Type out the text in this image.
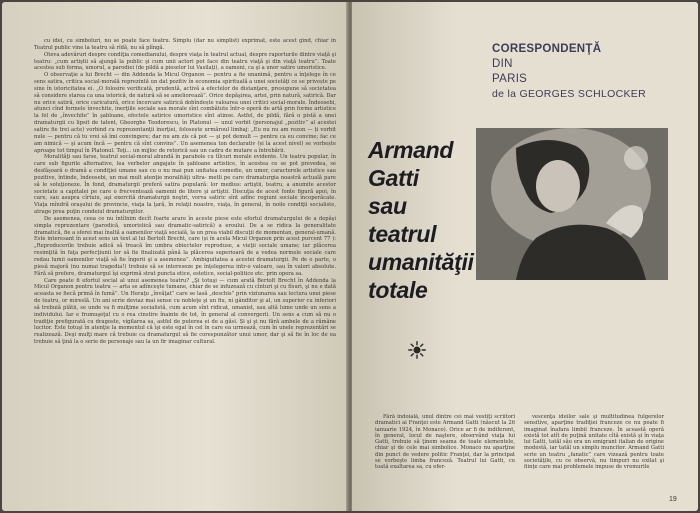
cu idei, cu simboluri, nu se poate face teatru. Simplu (dar nu simplist) exprimat, este acest gînd, chiar în Teatrul public vine la teatru să rîdă, nu să plîngă.

Oteva adevăruri despre condiţia comedianului, despre viaţa în teatrul actual, despre raporturile dintre viaţă şi teatru: „cum artiştii să ajungă la public şi cum unii actori pot face din teatru viaţă şi din viaţă teatru”. Toate acestea sub forma, umorul, a parodiei (de pildă a pieselor lui Vasilaţi), a oameni, ca şi a unor satire umoristice.

O observaţie a lui Brecht — din Addenda la Micul Organon — pentru a fie unanimă, pentru a înţelege în ce sens satira, critica social-morală reprezintă un dat pozitiv în economia spirituală a unei societăţi ce se privește pe sine în istoricitatea ei. „O folosire verificată, prudentă, activă a efectelor de distanţare, presupune să societatea să considere starea ca una istorică, de natură să se ameliorează”. Orice depăşirea, artei, prin natură, satirică. Dar nu orice satiră, orice caricatură, orice încercare satirică dobîndește valoarea unei critici social-morale. Îndeosebi, atunci cînd formele învechite, inerţiile sociale sau morale sînt combătute într-o operă de artă prin forme artistice la fel de „învechite” în şabloane, efectele satirice umoristice sînt atinse. Astfel, de pildă, fără o pistă a unei dramaturgii cu lipsit de talent, Gheorghe Teodorescu, în Platonul — unul vorbit (personajul „pozitiv” al acestei satire fie trei acte) vorbind cu reprezentanţii inerţiei, folosește urmăroul limbaj: „Eu nu nu am rezon — ți vorbit nule — pentru că tu vrei să îmi convingere; dar nu am zis că pot — şi pot demult — pentru ca eu convine; fac ce am nimică — şi acum încă — pentru că sînt convins”. Un asemenea ton declarativ (și la acest nivel) se vorbește aproape tot timpul în Platonul. Toţi... un mijloc de retorică sau un cadru de mutare a întrebării.

Moralităţi sau farse, teatrul social-moral abundă în parabole cu tîlcuri morale evidente. Un teatru popular, în care sub figurile alternative, lea verbelor angajate în şabloane artistice, în acestea ce se pot prevedea, se desfăşoară o dramă a condiţiei umane sau cu o nu mai pun unitatea comedie, un umor, caracterele artistice sau pozitive, întinde, îndeosebi, un mai mult atenţie moralităţi ultra- metli pe care dramaturgia noastră actuală pare să le soluţioneze. În fond, dramaturgii preferă satira populară: lor medius: artiştii, teatru, a anumite acestor societate a capitalei pe care o frecventează oamenii de litere şi artiştii. Discuţia de acest fonte figură apoi, în care, sau asupra cîrtuiu, aşi exercită dramaturgii noştri, vorva satiric sînt adînc regiuni sociale încoperăcate. Viaţa mîndră oraşului de provincie, viaţa la ţară, în relaţii noastre, viaţa, în general, în noile condiţii socialiste, atrage prea puţin condeiul dramaturgilor.

De asemenea, ceea ce nu întîlnim decît foarte arare în aceste piese este efortul dramaturgului de a depăşi simpla reprezentare (parodică, umoristică sau dramatic-satirică) a eroului. De a se ridica la generalitate dramatică, fie a sferei mai înaltă a oamenilor viaţă socială, la un prea viabil discuţii de momentan, general-umană. Este interesant în acest sens un text al lui Bertolt Brecht, care (și în acela Micul Organon prin acest purcent 77 ): „Reproducerile trebuie adică să treacă îm umbra obiectelor reproduse, a vieţii sociale umane; iar plăcerea resimţită în faţa perfecţiunii lor să fie finalizată până la plăcerea superioară de a vedea normele sociale care redau lumii oamenilor viaţă să fie îngerii şi a asemenea”. Ambiguitatea a acestei dramaturgii. Pe de o parte, o piesă majoră (nu numai tragedia!) trebuie să se intereseze pe înţelegerea intr-o valoare, sau în valori absolute. Fără să prefere, dramaturgul îşi exprimă strat puncta etice, estetice, social-politice etc. prin opera sa.

Care poate fi efortul social al unui asemenea teatru? „Şi totuşi — cum arată Bertolt Brecht în Addenda la Micul Organon pentru teatru — arta se adînceşte tumane, chiar de se infuzează cu cînturi şi cu fîsuri, şi nu e dată aceasta se fiecă primă în fumă”. Un Heraţu „învăţat” care se lasă „deschis” prin viziunarea sau lectura unei piese de teatru, or mireslă. Un ani scrie deviaz mai sense cu nobleţe şi un fiu, ni gânditor şi al, un superior cu inferiori să trebuiă plătii, se unde va fi mulţime socialistă, cum acum sînt ridicat, umanist, sau altă lume unde un sens a individului. Iar e frumuşeţul cu o rea cinstire înainte de tot, în general al convergerii. Un sens a cum să nu o tradiţie prefigurată cu dragoste, vigilarea sa, astfel de puterea ei de a găsi. Și şi şi nu fără ambele de a rămâne lucitor. Este totuşi în atenţie la momentul că îşi este egal în cel în care ea urmează, cum în unele reprezentări se realizează. Deşi mulţi mare că trebuie ca dramaturgul să fie corespunzător unui umor, dar şi să fie în loc de ea trebuie să ţină la o serie de personaje sau la un fir imaginar cultural.

CORESPONDENŢĂ
DIN
PARIS
de la GEORGES SCHLOCKER
Armand
Gatti
sau
teatrul
umanităţii
totale

Fără îndoială, unul dintre cei mai vestiţi scriitori dramatici ai Franţei este Armand Gatti (născut la 26 ianuarie 1924, în Monaco). Orice ar fi de indiferent, în general, locul de naştere, observând viaţa lui Gatti, trebuie să ţinem seama de toate elementele, chiar şi de cele mai simbolice. Monaco nu aparţine din punct de vedere politic Franţei, dar la principat se vorbeşte limba franceză. Teatrul lui Gatti, cu toată exaltarea sa, cu efer-

vescenţa ideilor sale şi multitudinea fulgerelor sensitive, aparţine tradiţiei franceze ce nu poate fi imaginat înafara limbii franceze. În această operă există tot atît de puţină unitate cîtă există şi în viaţa lui Gatti, tatăl său era un emigrant italian de origine modestă, iar tatăl un simplu muncitor. Armand Gatti scrie un teatru „fanatic” care vizează pentru toate societăţile, cu ce observă, nu timpuri nu exilat şi fiinţe care mai problemele impuse de vremurile

19
